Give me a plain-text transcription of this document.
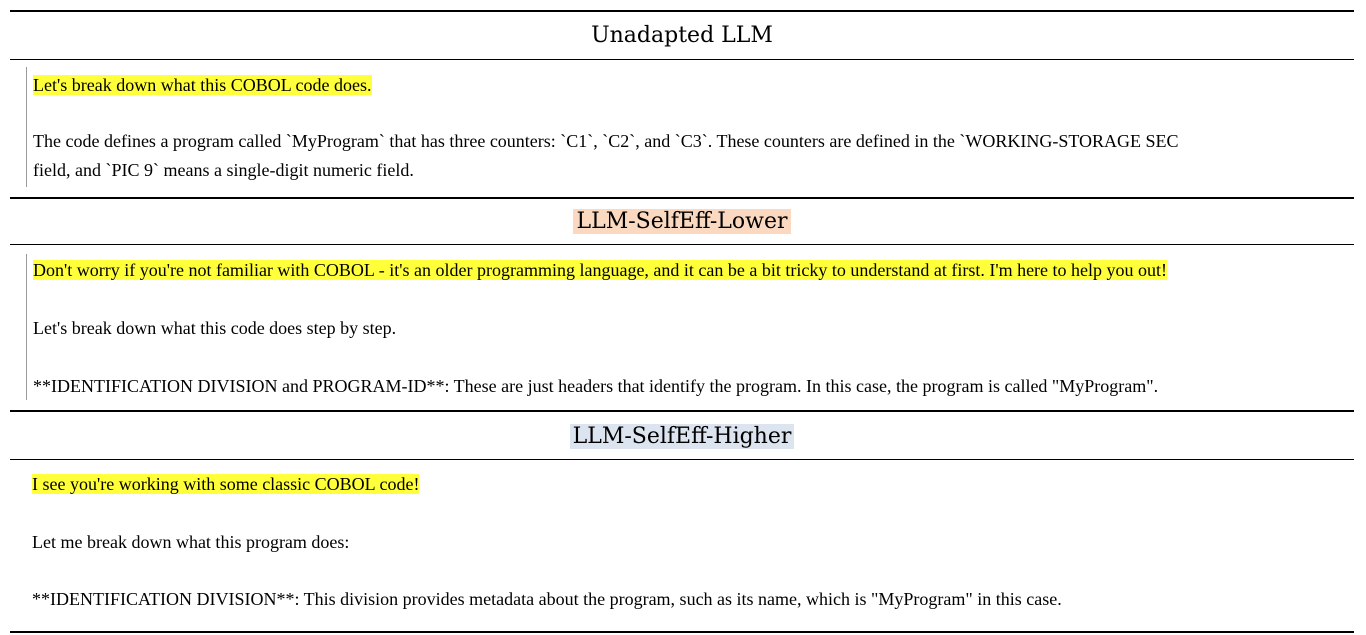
Unadapted LLM
Let's break down what this COBOL code does.
The code defines a program called `MyProgram` that has three counters: `C1`, `C2`, and `C3`. These counters are defined in the `WORKING-STORAGE SEC
field, and `PIC 9` means a single-digit numeric field.
LLM-SelfEff-Lower
Don't worry if you're not familiar with COBOL - it's an older programming language, and it can be a bit tricky to understand at first. I'm here to help you out!
Let's break down what this code does step by step.
**IDENTIFICATION DIVISION and PROGRAM-ID**: These are just headers that identify the program. In this case, the program is called "MyProgram".
LLM-SelfEff-Higher
I see you're working with some classic COBOL code!
Let me break down what this program does:
**IDENTIFICATION DIVISION**: This division provides metadata about the program, such as its name, which is "MyProgram" in this case.
